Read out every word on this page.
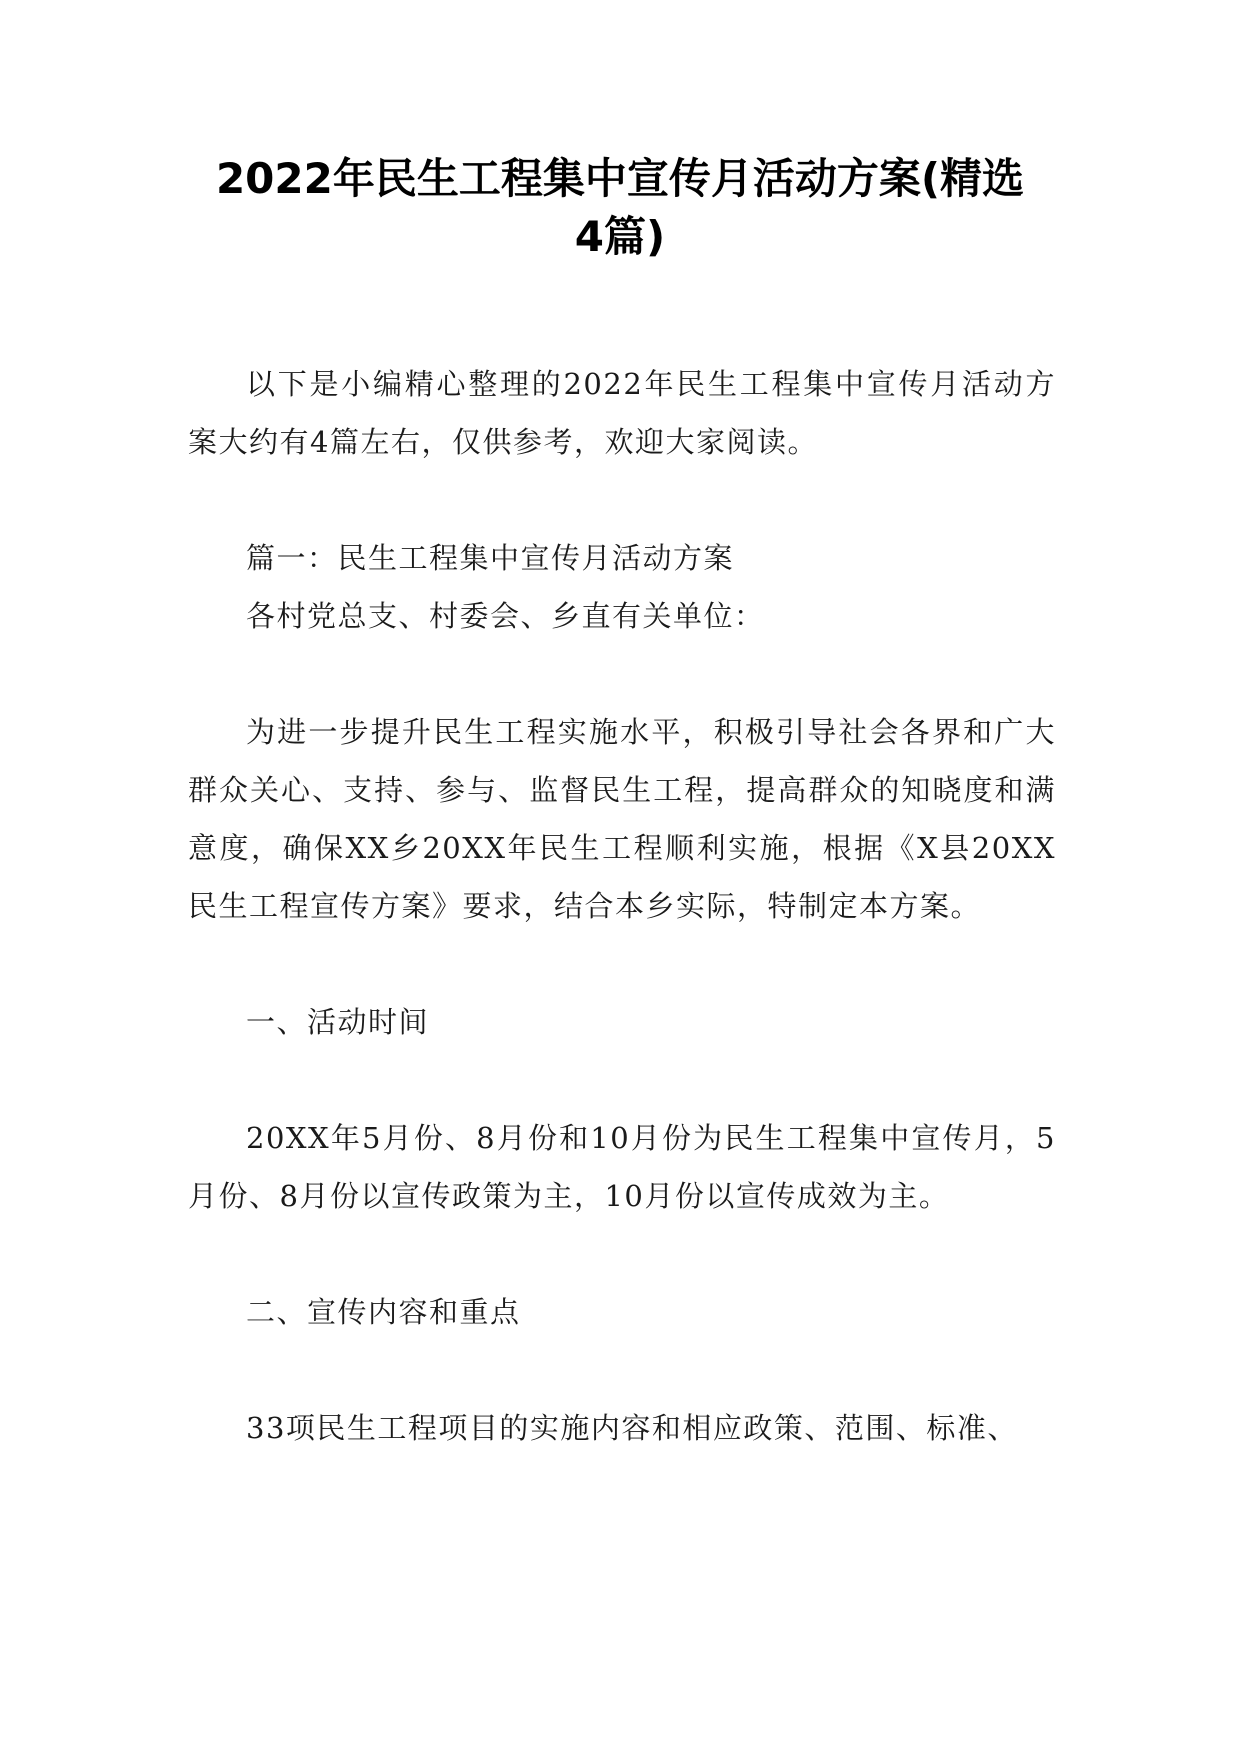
2022年民生工程集中宣传月活动方案(精选
4篇)

以下是小编精心整理的2022年民生工程集中宣传月活动方案大约有4篇左右，仅供参考，欢迎大家阅读。

篇一：民生工程集中宣传月活动方案

各村党总支、村委会、乡直有关单位：

为进一步提升民生工程实施水平，积极引导社会各界和广大群众关心、支持、参与、监督民生工程，提高群众的知晓度和满意度，确保XX乡20XX年民生工程顺利实施，根据《X县20XX民生工程宣传方案》要求，结合本乡实际，特制定本方案。

一、活动时间

20XX年5月份、8月份和10月份为民生工程集中宣传月，5月份、8月份以宣传政策为主，10月份以宣传成效为主。

二、宣传内容和重点

33项民生工程项目的实施内容和相应政策、范围、标准、
